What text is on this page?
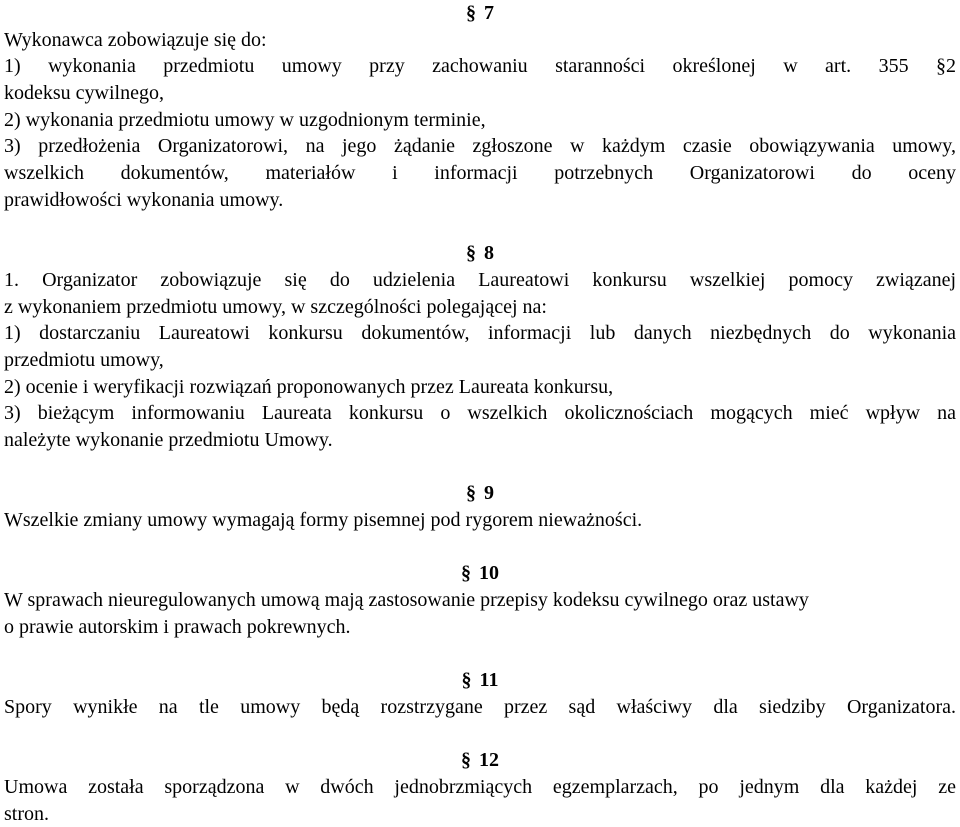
§ 7
Wykonawca zobowiązuje się do:
1) wykonania przedmiotu umowy przy zachowaniu staranności określonej w art. 355 §2
kodeksu cywilnego,
2) wykonania przedmiotu umowy w uzgodnionym terminie,
3) przedłożenia Organizatorowi, na jego żądanie zgłoszone w każdym czasie obowiązywania umowy,
wszelkich dokumentów, materiałów i informacji potrzebnych Organizatorowi do oceny
prawidłowości wykonania umowy.
§ 8
1. Organizator zobowiązuje się do udzielenia Laureatowi konkursu wszelkiej pomocy związanej
z wykonaniem przedmiotu umowy, w szczególności polegającej na:
1) dostarczaniu Laureatowi konkursu dokumentów, informacji lub danych niezbędnych do wykonania
przedmiotu umowy,
2) ocenie i weryfikacji rozwiązań proponowanych przez Laureata konkursu,
3) bieżącym informowaniu Laureata konkursu o wszelkich okolicznościach mogących mieć wpływ na
należyte wykonanie przedmiotu Umowy.
§ 9
Wszelkie zmiany umowy wymagają formy pisemnej pod rygorem nieważności.
§ 10
W sprawach nieuregulowanych umową mają zastosowanie przepisy kodeksu cywilnego oraz ustawy
o prawie autorskim i prawach pokrewnych.
§ 11
Spory wynikłe na tle umowy będą rozstrzygane przez sąd właściwy dla siedziby Organizatora.
§ 12
Umowa została sporządzona w dwóch jednobrzmiących egzemplarzach, po jednym dla każdej ze
stron.
